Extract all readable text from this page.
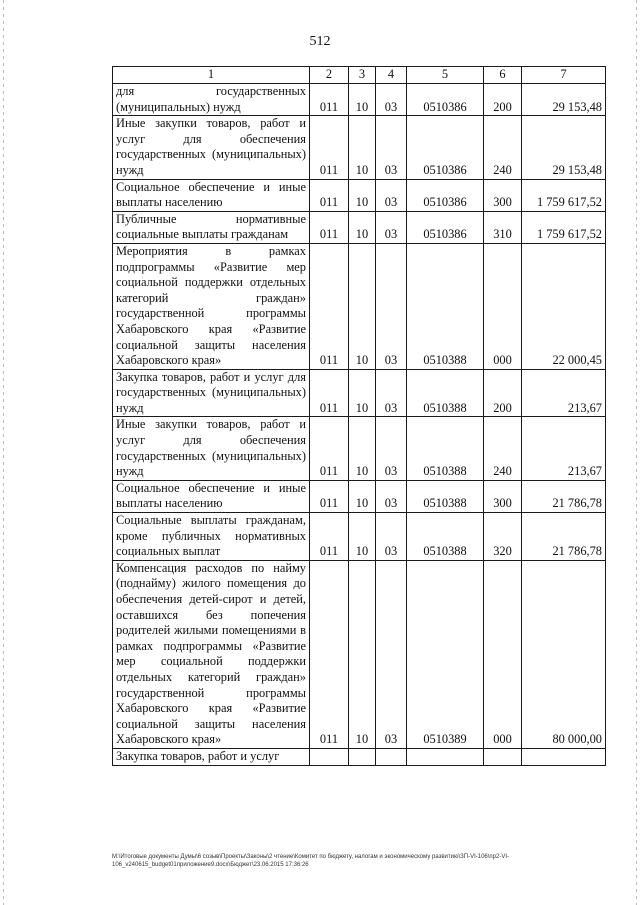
512
1	2	3	4	5	6	7
для государственных (муниципальных) нужд	011	10	03	0510386	200	29 153,48
Иные закупки товаров, работ и услуг для обеспечения государственных (муниципальных) нужд	011	10	03	0510386	240	29 153,48
Социальное обеспечение и иные выплаты населению	011	10	03	0510386	300	1 759 617,52
Публичные нормативные социальные выплаты гражданам	011	10	03	0510386	310	1 759 617,52
Мероприятия в рамках подпрограммы «Развитие мер социальной поддержки отдельных категорий граждан» государственной программы Хабаровского края «Развитие социальной защиты населения Хабаровского края»	011	10	03	0510388	000	22 000,45
Закупка товаров, работ и услуг для государственных (муниципальных) нужд	011	10	03	0510388	200	213,67
Иные закупки товаров, работ и услуг для обеспечения государственных (муниципальных) нужд	011	10	03	0510388	240	213,67
Социальное обеспечение и иные выплаты населению	011	10	03	0510388	300	21 786,78
Социальные выплаты гражданам, кроме публичных нормативных социальных выплат	011	10	03	0510388	320	21 786,78
Компенсация расходов по найму (поднайму) жилого помещения до обеспечения детей-сирот и детей, оставшихся без попечения родителей жилыми помещениями в рамках подпрограммы «Развитие мер социальной поддержки отдельных категорий граждан» государственной программы Хабаровского края «Развитие социальной защиты населения Хабаровского края»	011	10	03	0510389	000	80 000,00
Закупка товаров, работ и услуг						
M:\Итоговые документы Думы\6 созыв\Проекты\Законы\2 чтение\Комитет по бюджету, налогам и экономическому развитию\ЗП-VI-106\пр2-VI-106_v240615_budget01приложение9.docx\Бюджет\23.06.2015 17:36:26
